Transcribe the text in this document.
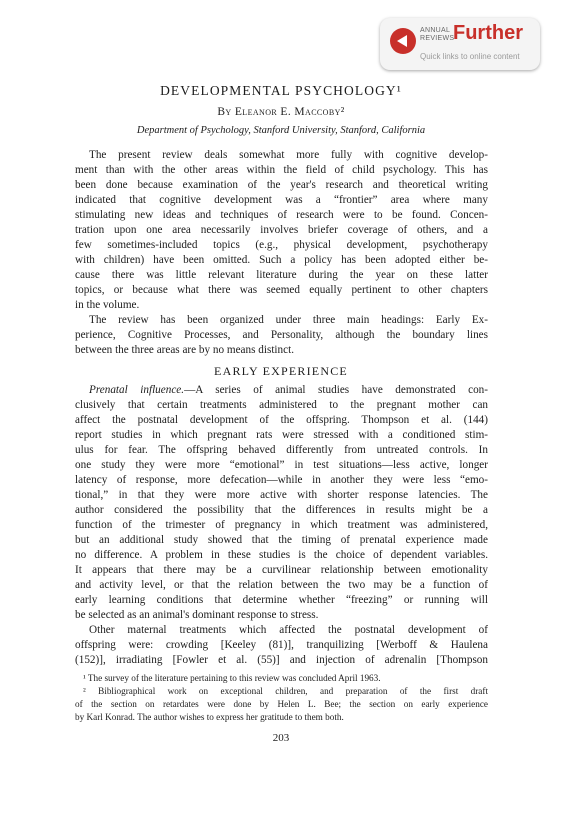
ANNUAL
REVIEWS
Further
Quick links to online content
DEVELOPMENTAL PSYCHOLOGY¹
By Eleanor E. Maccoby²
Department of Psychology, Stanford University, Stanford, California
The present review deals somewhat more fully with cognitive develop-
ment than with the other areas within the field of child psychology. This has
been done because examination of the year's research and theoretical writing
indicated that cognitive development was a “frontier” area where many
stimulating new ideas and techniques of research were to be found. Concen-
tration upon one area necessarily involves briefer coverage of others, and a
few sometimes-included topics (e.g., physical development, psychotherapy
with children) have been omitted. Such a policy has been adopted either be-
cause there was little relevant literature during the year on these latter
topics, or because what there was seemed equally pertinent to other chapters
in the volume.
The review has been organized under three main headings: Early Ex-
perience, Cognitive Processes, and Personality, although the boundary lines
between the three areas are by no means distinct.
EARLY EXPERIENCE
Prenatal influence.—A series of animal studies have demonstrated con-
clusively that certain treatments administered to the pregnant mother can
affect the postnatal development of the offspring. Thompson et al. (144)
report studies in which pregnant rats were stressed with a conditioned stim-
ulus for fear. The offspring behaved differently from untreated controls. In
one study they were more “emotional” in test situations—less active, longer
latency of response, more defecation—while in another they were less “emo-
tional,” in that they were more active with shorter response latencies. The
author considered the possibility that the differences in results might be a
function of the trimester of pregnancy in which treatment was administered,
but an additional study showed that the timing of prenatal experience made
no difference. A problem in these studies is the choice of dependent variables.
It appears that there may be a curvilinear relationship between emotionality
and activity level, or that the relation between the two may be a function of
early learning conditions that determine whether “freezing” or running will
be selected as an animal's dominant response to stress.
Other maternal treatments which affected the postnatal development of
offspring were: crowding [Keeley (81)], tranquilizing [Werboff & Haulena
(152)], irradiating [Fowler et al. (55)] and injection of adrenalin [Thompson
¹ The survey of the literature pertaining to this review was concluded April 1963.
² Bibliographical work on exceptional children, and preparation of the first draft
of the section on retardates were done by Helen L. Bee; the section on early experience
by Karl Konrad. The author wishes to express her gratitude to them both.
203
